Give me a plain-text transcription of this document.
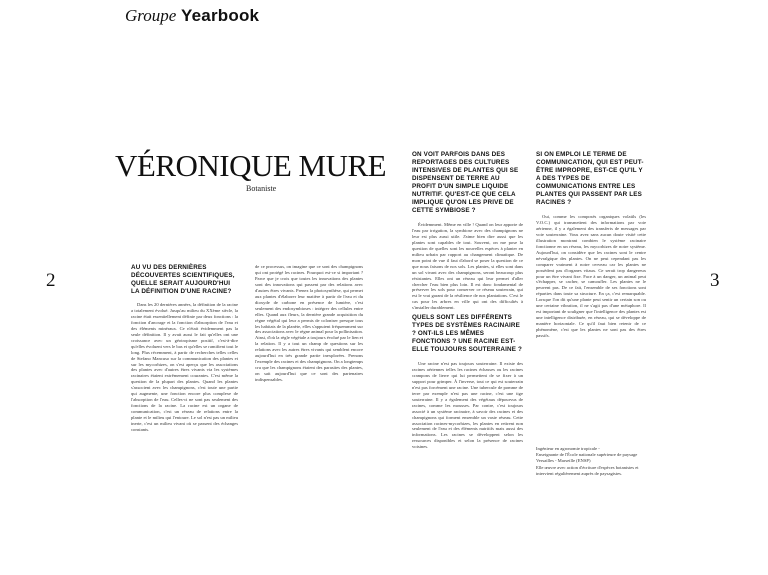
Groupe Yearbook
VÉRONIQUE MURE
Botaniste
2	3
AU VU DES DERNIÈRES DÉCOUVERTES SCIENTIFIQUES, QUELLE SERAIT AUJOURD'HUI LA DÉFINITION D'UNE RACINE?
Dans les 20 dernières années, la définition de la racine a totalement évolué. Jusqu'au milieu du XXème siècle, la racine était essentiellement définie par deux fonctions : la fonction d'ancrage et la fonction d'absorption de l'eau et des éléments minéraux. Ce n'était évidemment pas la seule définition. Il y avait aussi le fait qu'elles ont une croissance avec un géotropisme positif, c'est-à-dire qu'elles évoluent vers le bas et qu'elles se ramifient tout le long. Plus récemment, à partir de recherches telles celles de Stefano Mancuso sur la communication des plantes et sur les mycorhizes, on s'est aperçu que les associations des plantes avec d'autres êtres vivants via les systèmes racinaires étaient extrêmement courantes. C'est même la question de la plupart des plantes. Quand les plantes s'associent avec les champignons, c'est toute une partie qui augmente, une fonction encore plus complexe de l'absorption de l'eau. Celles-ci ne sont pas seulement des fonctions de la racine. La racine est un organe de communication, c'est un réseau de relations entre la plante et le milieu qui l'entoure. Le sol n'est pas un milieu inerte, c'est un milieu vivant où se passent des échanges constants.
de ce processus, on imagine que ce sont des champignons qui ont protégé les racines. Pourquoi est-ce si important ? Parce que je crois que toutes les innovations des plantes sont des innovations qui passent par des relations avec d'autres êtres vivants. Prenez la photosynthèse, qui permet aux plantes d'élaborer leur matière à partir de l'eau et du dioxyde de carbone en présence de lumière, c'est seulement des endosymbioses : intégrer des cellules entre elles. Quand aux fleurs, la dernière grande acquisition du règne végétal qui leur a permis de coloniser presque tous les habitats de la planète, elles s'appuient fréquemment sur des associations avec le règne animal pour la pollinisation. Ainsi, d'où la règle végétale a toujours évolué par le lien et la relation. Il y a tout un champ de questions sur les relations avec les autres êtres vivants qui semblent encore aujourd'hui en très grande partie inexplorées. Prenons l'exemple des racines et des champignons. On a longtemps cru que les champignons étaient des parasites des plantes, on sait aujourd'hui que ce sont des partenaires indispensables.
ON VOIT PARFOIS DANS DES REPORTAGES DES CULTURES INTENSIVES DE PLANTES QUI SE DISPENSENT DE TERRE AU PROFIT D'UN SIMPLE LIQUIDE NUTRITIF. QU'EST-CE QUE CELA IMPLIQUE QU'ON LES PRIVE DE CETTE SYMBIOSE ?
Évidemment. Même en ville ! Quand on leur apporte de l'eau par irrigation, la symbiose avec des champignons ne leur est plus aussi utile. J'aime bien dire aussi que les plantes sont capables de tout. Souvent, on me pose la question de quelles sont les nouvelles espèces à planter en milieu urbain par rapport au changement climatique. De mon point de vue il faut d'abord se poser la question de ce que nous faisons de nos sols. Les plantes, si elles sont dans un sol vivant avec des champignons, seront beaucoup plus résistantes. Elles ont un réseau qui leur permet d'aller chercher l'eau bien plus loin. Il est donc fondamental de préserver les sols pour conserver ce réseau souterrain, qui est le vrai garant de la résilience de nos plantations. C'est le cas pour les arbres en ville qui ont des difficultés à s'installer durablement.
QUELS SONT LES DIFFÉRENTS TYPES DE SYSTÈMES RACINAIRE ? ONT-ILS LES MÊMES FONCTIONS ? UNE RACINE EST-ELLE TOUJOURS SOUTERRAINE ?
Une racine n'est pas toujours souterraine. Il existe des racines aériennes telles les racines échasses ou les racines crampons de lierre qui lui permettent de se fixer à un support pour grimper. À l'inverse, tout ce qui est souterrain n'est pas forcément une racine. Une tubercule de pomme de terre par exemple n'est pas une racine, c'est une tige souterraine. Il y a également des végétaux dépourvus de racines, comme les mousses. Par contre, c'est toujours associé à un système racinaire, à savoir des racines et des champignons qui forment ensemble un vaste réseau. Cette association racines-mycorhizes, les plantes en retirent non seulement de l'eau et des éléments nutritifs mais aussi des informations. Les racines se développent selon les ressources disponibles et selon la présence de racines voisines.
SI ON EMPLOI LE TERME DE COMMUNICATION, QUI EST PEUT-ÊTRE IMPROPRE, EST-CE QU'IL Y A DES TYPES DE COMMUNICATIONS ENTRE LES PLANTES QUI PASSENT PAR LES RACINES ?
Oui, comme les composés organiques volatils (les V.O.C.) qui transmettent des informations par voie aérienne, il y a également des transferts de messages par voie souterraine. Vous avez sans aucun doute visité cette illustration montrant combien le système racinaire fonctionne en un réseau, les mycorhizes de notre système. Aujourd'hui, on considère que les racines sont le centre névralgique des plantes. On ne peut cependant pas les comparer vraiment à notre cerveau car les plantes ne possèdent pas d'organes vitaux. Ce serait trop dangereux pour un être vivant fixe. Face à un danger, un animal peut s'échapper, se cacher, se camoufler. Les plantes ne le peuvent pas. De ce fait, l'ensemble de ses fonctions sont réparties dans toute sa structure. En ça, c'est remarquable. Lorsque l'on dit qu'une plante peut sentir un certain son ou une certaine vibration, il ne s'agit pas d'une métaphore. Il est important de souligner que l'intelligence des plantes est une intelligence distribuée, en réseau, qui se développe de manière horizontale. Ce qu'il faut bien retenir de ce phénomène, c'est que les plantes ne sont pas des êtres passifs.
Ingénieur en agronomie tropicale -
Enseignante de l'École nationale supérieure de paysage Versailles - Marseille (ENSP)
Elle œuvre avec action d'écriture d'espèces botanistes et intervient régulièrement auprès de paysagistes.
